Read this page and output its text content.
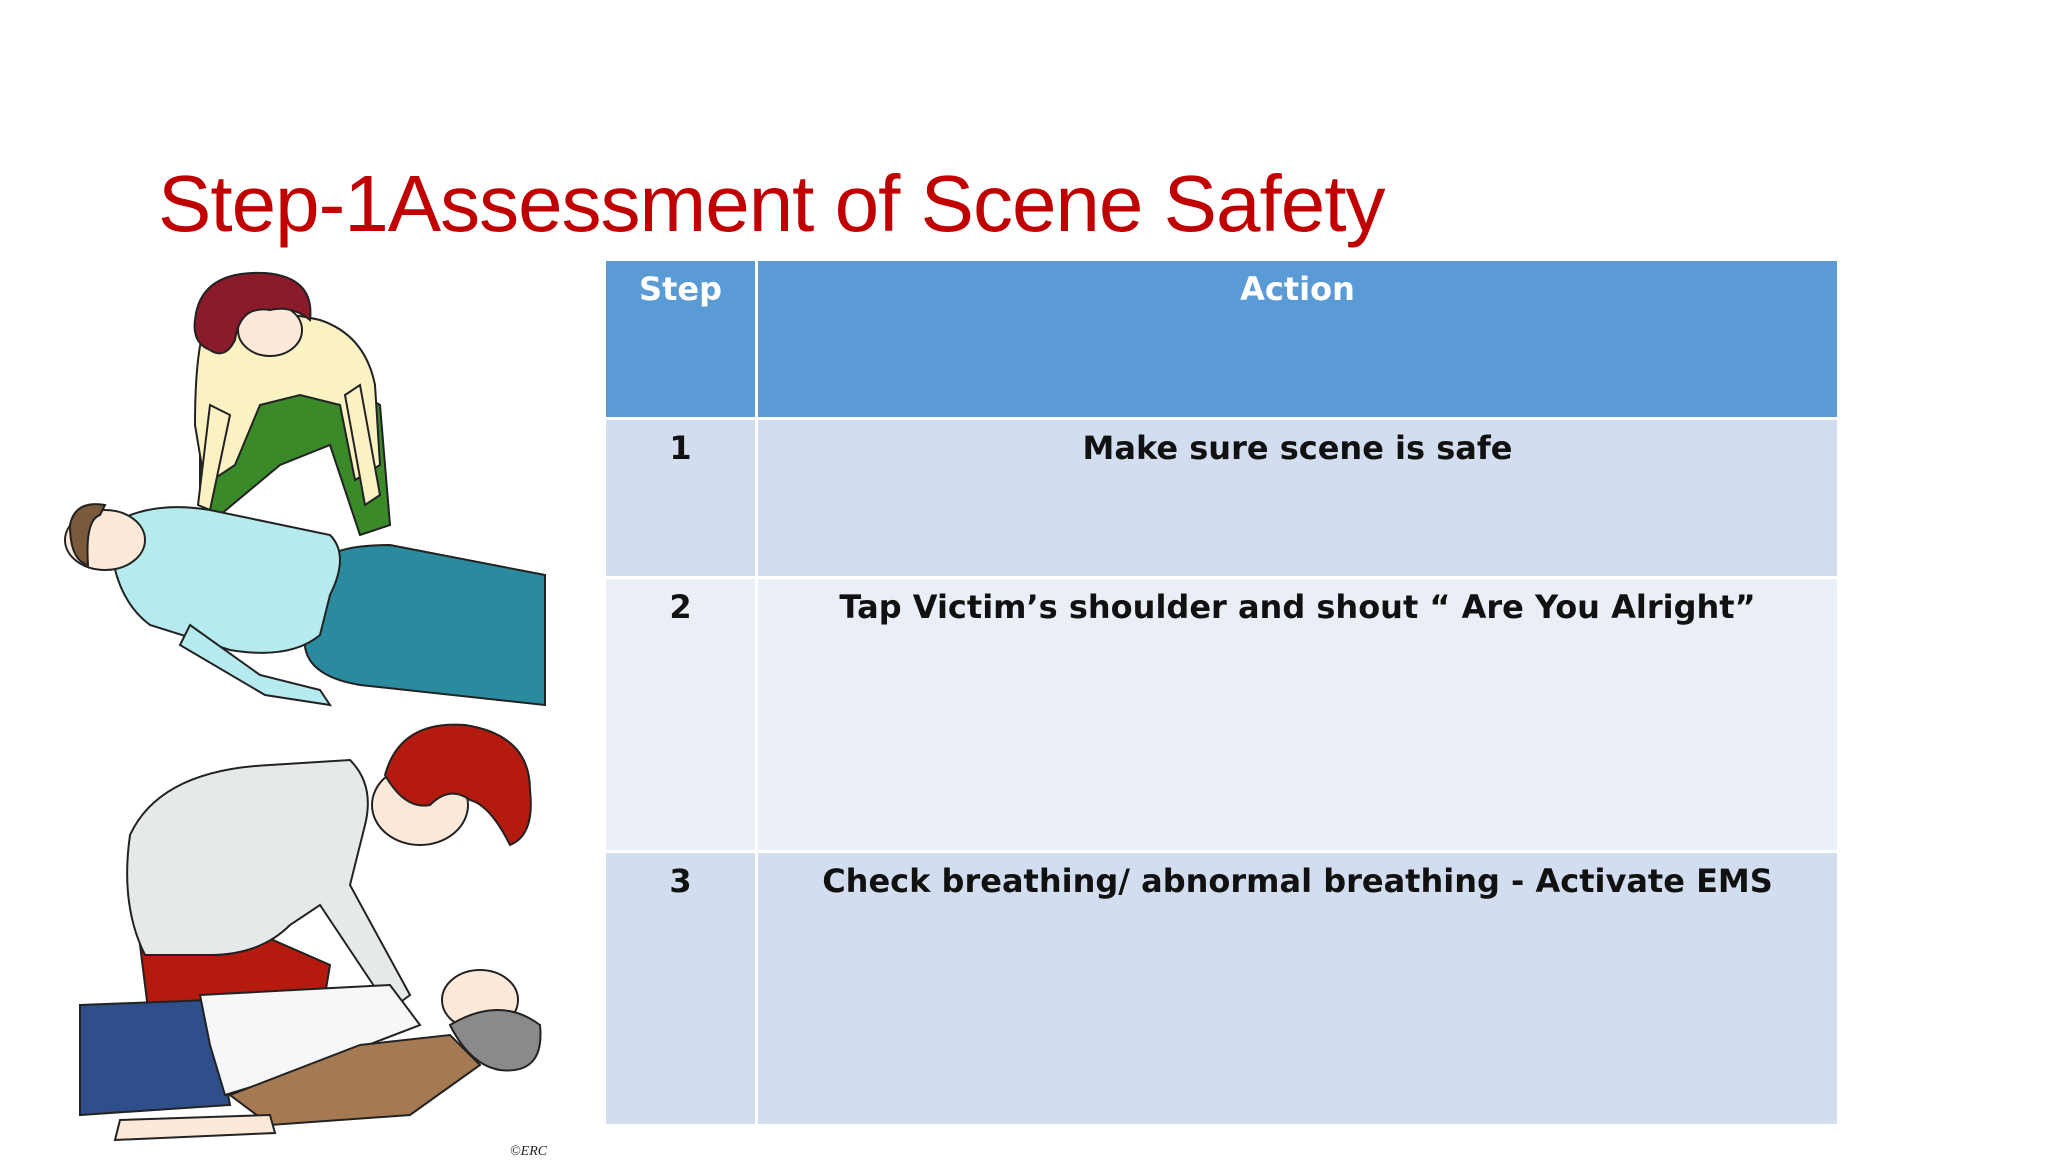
Step-1Assessment of Scene Safety
©ERC
Step	Action

1	Make sure scene is safe

2	Tap Victim’s shoulder and shout “ Are You Alright”

3	Check breathing/ abnormal breathing - Activate EMS
